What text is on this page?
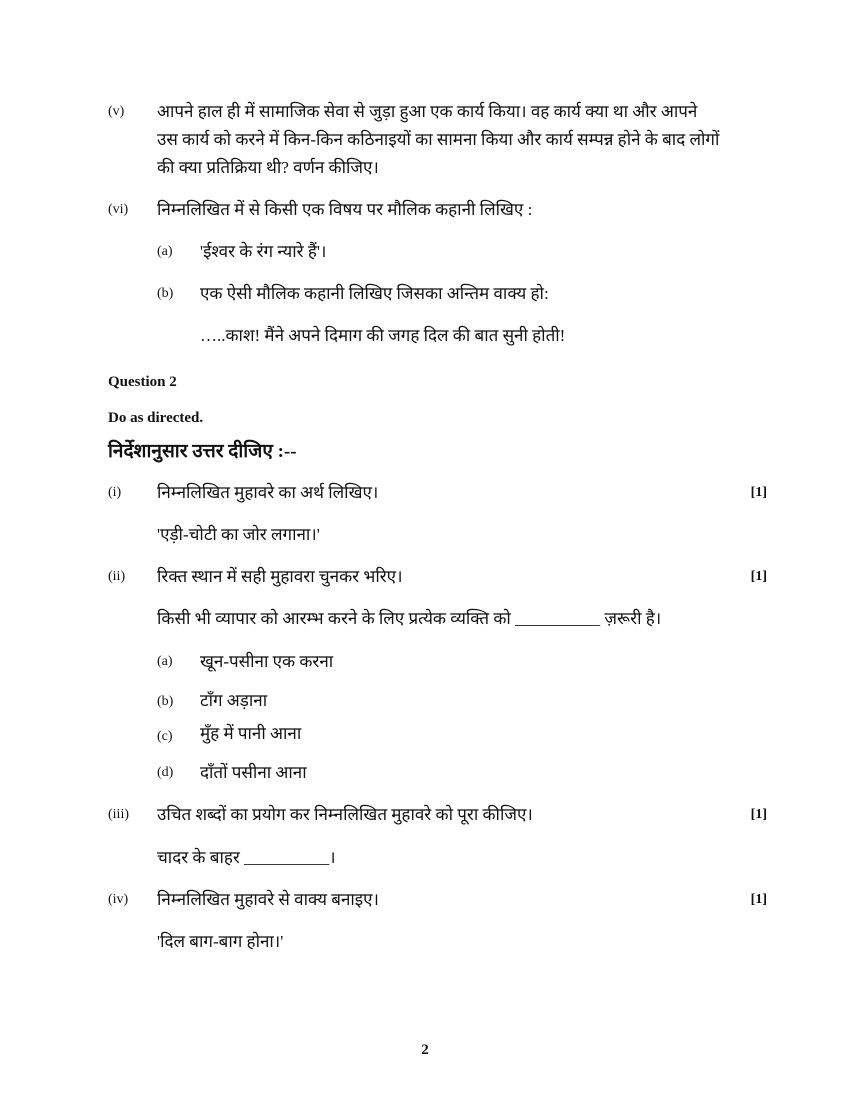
(v) आपने हाल ही में सामाजिक सेवा से जुड़ा हुआ एक कार्य किया। वह कार्य क्या था और आपने
उस कार्य को करने में किन-किन कठिनाइयों का सामना किया और कार्य सम्पन्न होने के बाद लोगों
की क्या प्रतिक्रिया थी? वर्णन कीजिए।
(vi) निम्नलिखित में से किसी एक विषय पर मौलिक कहानी लिखिए :
(a) 'ईश्वर के रंग न्यारे हैं'।
(b) एक ऐसी मौलिक कहानी लिखिए जिसका अन्तिम वाक्य हो:
…..काश! मैंने अपने दिमाग की जगह दिल की बात सुनी होती!
Question 2
Do as directed.
निर्देशानुसार उत्तर दीजिए :--
(i) निम्नलिखित मुहावरे का अर्थ लिखिए।	[1]
'एड़ी-चोटी का जोर लगाना।'
(ii) रिक्त स्थान में सही मुहावरा चुनकर भरिए।	[1]
किसी भी व्यापार को आरम्भ करने के लिए प्रत्येक व्यक्ति को __________ ज़रूरी है।
(a) खून-पसीना एक करना
(b) टाँग अड़ाना
(c) मुँह में पानी आना
(d) दाँतों पसीना आना
(iii) उचित शब्दों का प्रयोग कर निम्नलिखित मुहावरे को पूरा कीजिए।	[1]
चादर के बाहर __________।
(iv) निम्नलिखित मुहावरे से वाक्य बनाइए।	[1]
'दिल बाग-बाग होना।'
2
